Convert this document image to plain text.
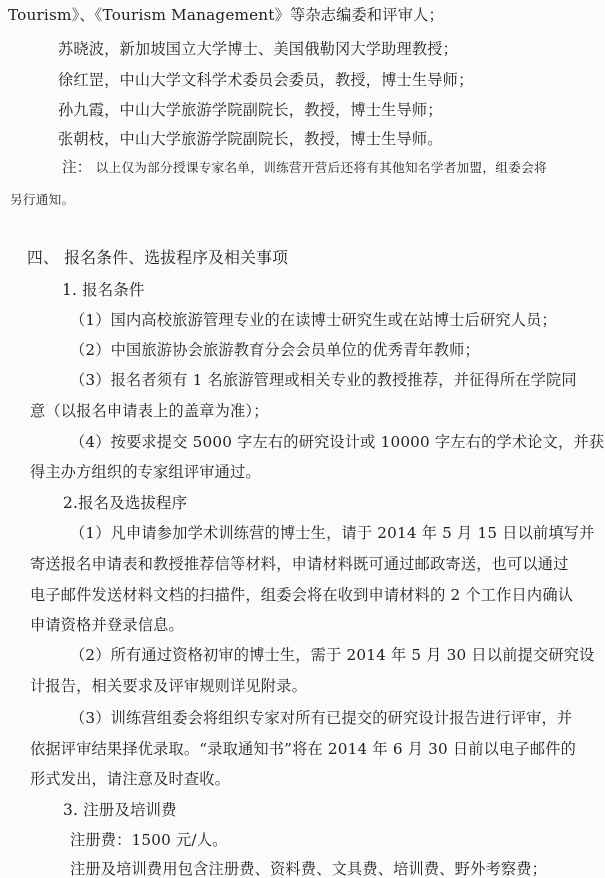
Tourism》、《Tourism Management》等杂志编委和评审人；
苏晓波，新加坡国立大学博士、美国俄勒冈大学助理教授；
徐红罡，中山大学文科学术委员会委员，教授，博士生导师；
孙九霞，中山大学旅游学院副院长，教授，博士生导师；
张朝枝，中山大学旅游学院副院长，教授，博士生导师。
注： 以上仅为部分授课专家名单，训练营开营后还将有其他知名学者加盟，组委会将
另行通知。
四、 报名条件、选拔程序及相关事项
1. 报名条件
（1）国内高校旅游管理专业的在读博士研究生或在站博士后研究人员；
（2）中国旅游协会旅游教育分会会员单位的优秀青年教师；
（3）报名者须有 1 名旅游管理或相关专业的教授推荐，并征得所在学院同
意（以报名申请表上的盖章为准）；
（4）按要求提交 5000 字左右的研究设计或 10000 字左右的学术论文，并获
得主办方组织的专家组评审通过。
2.报名及选拔程序
（1）凡申请参加学术训练营的博士生，请于 2014 年 5 月 15 日以前填写并
寄送报名申请表和教授推荐信等材料，申请材料既可通过邮政寄送，也可以通过
电子邮件发送材料文档的扫描件，组委会将在收到申请材料的 2 个工作日内确认
申请资格并登录信息。
（2）所有通过资格初审的博士生，需于 2014 年 5 月 30 日以前提交研究设
计报告，相关要求及评审规则详见附录。
（3）训练营组委会将组织专家对所有已提交的研究设计报告进行评审，并
依据评审结果择优录取。“录取通知书”将在 2014 年 6 月 30 日前以电子邮件的
形式发出，请注意及时查收。
3. 注册及培训费
注册费：1500 元/人。
注册及培训费用包含注册费、资料费、文具费、培训费、野外考察费；
